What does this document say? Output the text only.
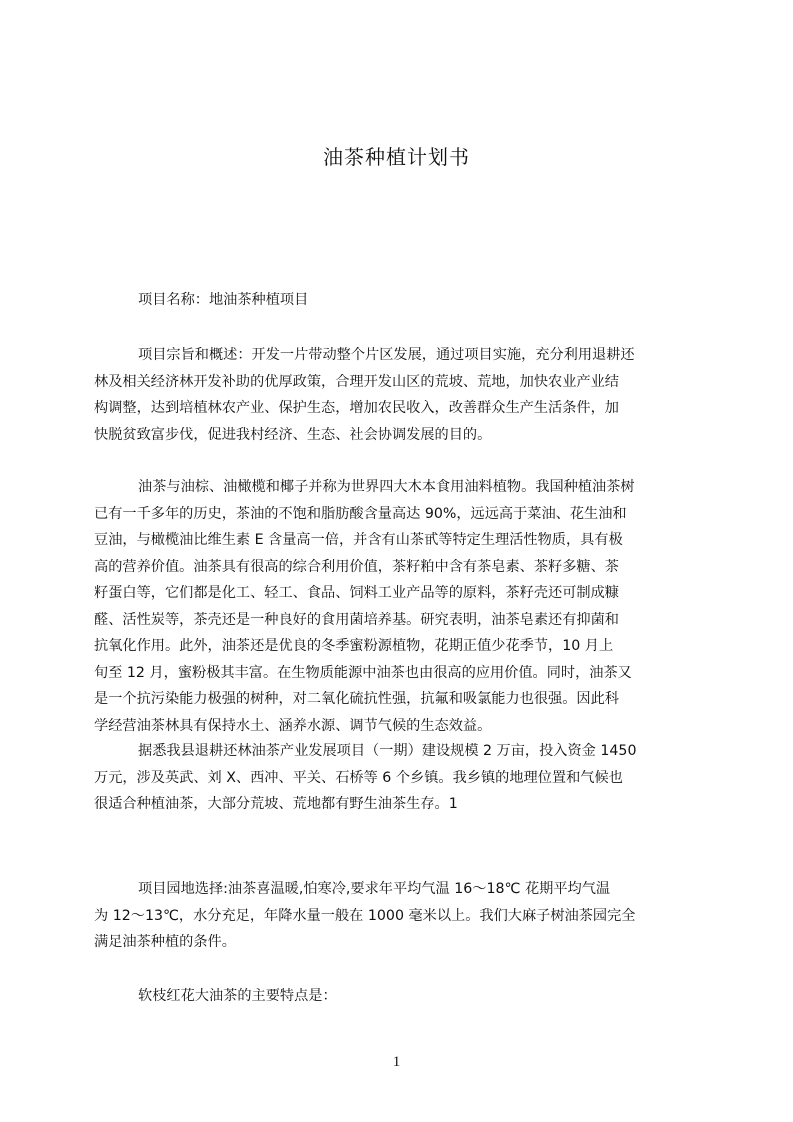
油茶种植计划书
项目名称：地油茶种植项目
项目宗旨和概述：开发一片带动整个片区发展，通过项目实施，充分利用退耕还
林及相关经济林开发补助的优厚政策，合理开发山区的荒坡、荒地，加快农业产业结
构调整，达到培植林农产业、保护生态，增加农民收入，改善群众生产生活条件，加
快脱贫致富步伐，促进我村经济、生态、社会协调发展的目的。
油茶与油棕、油橄榄和椰子并称为世界四大木本食用油料植物。我国种植油茶树
已有一千多年的历史，茶油的不饱和脂肪酸含量高达 90%，远远高于菜油、花生油和
豆油，与橄榄油比维生素 E 含量高一倍，并含有山茶甙等特定生理活性物质，具有极
高的营养价值。油茶具有很高的综合利用价值，茶籽粕中含有茶皂素、茶籽多糖、茶
籽蛋白等，它们都是化工、轻工、食品、饲料工业产品等的原料，茶籽壳还可制成糠
醛、活性炭等，茶壳还是一种良好的食用菌培养基。研究表明，油茶皂素还有抑菌和
抗氧化作用。此外，油茶还是优良的冬季蜜粉源植物，花期正值少花季节，10 月上
旬至 12 月，蜜粉极其丰富。在生物质能源中油茶也由很高的应用价值。同时，油茶又
是一个抗污染能力极强的树种，对二氧化硫抗性强，抗氟和吸氯能力也很强。因此科
学经营油茶林具有保持水土、涵养水源、调节气候的生态效益。
据悉我县退耕还林油茶产业发展项目（一期）建设规模 2 万亩，投入资金 1450
万元，涉及英武、刘 X、西冲、平关、石桥等 6 个乡镇。我乡镇的地理位置和气候也
很适合种植油茶，大部分荒坡、荒地都有野生油茶生存。1
项目园地选择:油茶喜温暖,怕寒冷,要求年平均气温 16～18℃ 花期平均气温
为 12～13℃，水分充足，年降水量一般在 1000 毫米以上。我们大麻子树油茶园完全
满足油茶种植的条件。
软枝红花大油茶的主要特点是：
1
